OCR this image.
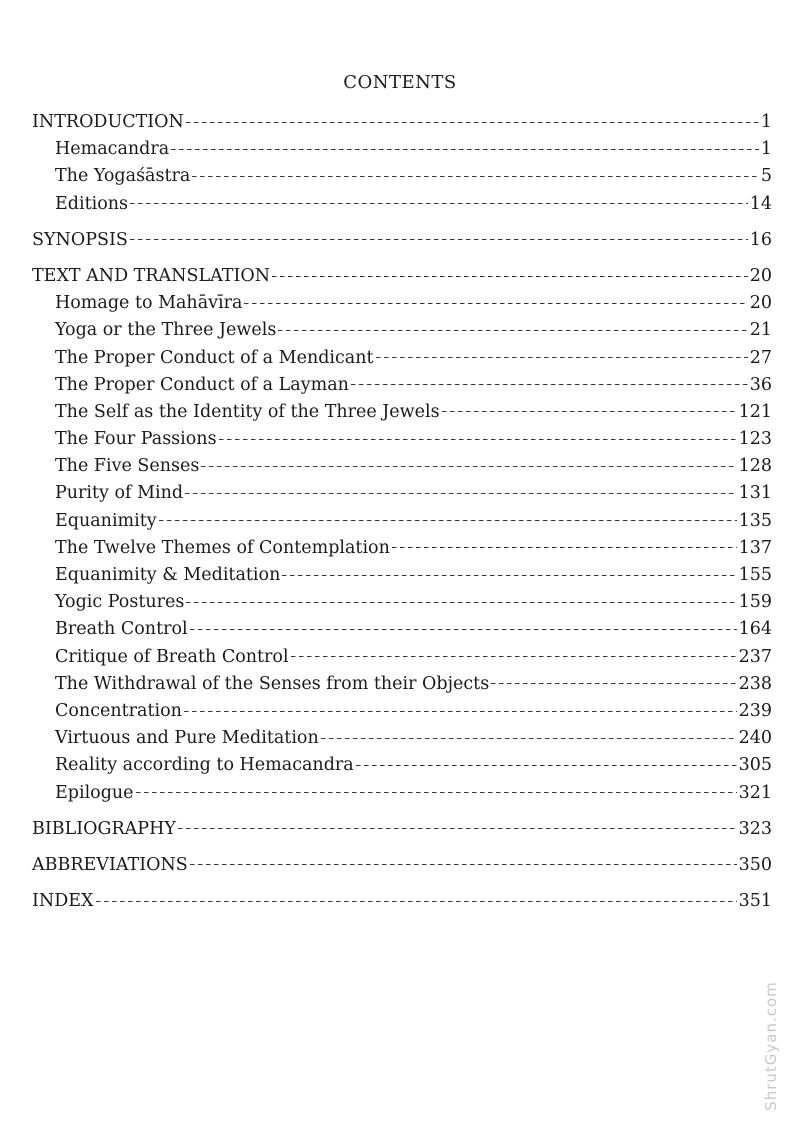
CONTENTS
INTRODUCTION	1
Hemacandra	1
The Yogaśāstra	5
Editions	14
SYNOPSIS	16
TEXT AND TRANSLATION	20
Homage to Mahāvīra	20
Yoga or the Three Jewels	21
The Proper Conduct of a Mendicant	27
The Proper Conduct of a Layman	36
The Self as the Identity of the Three Jewels	121
The Four Passions	123
The Five Senses	128
Purity of Mind	131
Equanimity	135
The Twelve Themes of Contemplation	137
Equanimity & Meditation	155
Yogic Postures	159
Breath Control	164
Critique of Breath Control	237
The Withdrawal of the Senses from their Objects	238
Concentration	239
Virtuous and Pure Meditation	240
Reality according to Hemacandra	305
Epilogue	321
BIBLIOGRAPHY	323
ABBREVIATIONS	350
INDEX	351
ShrutGyan.com
